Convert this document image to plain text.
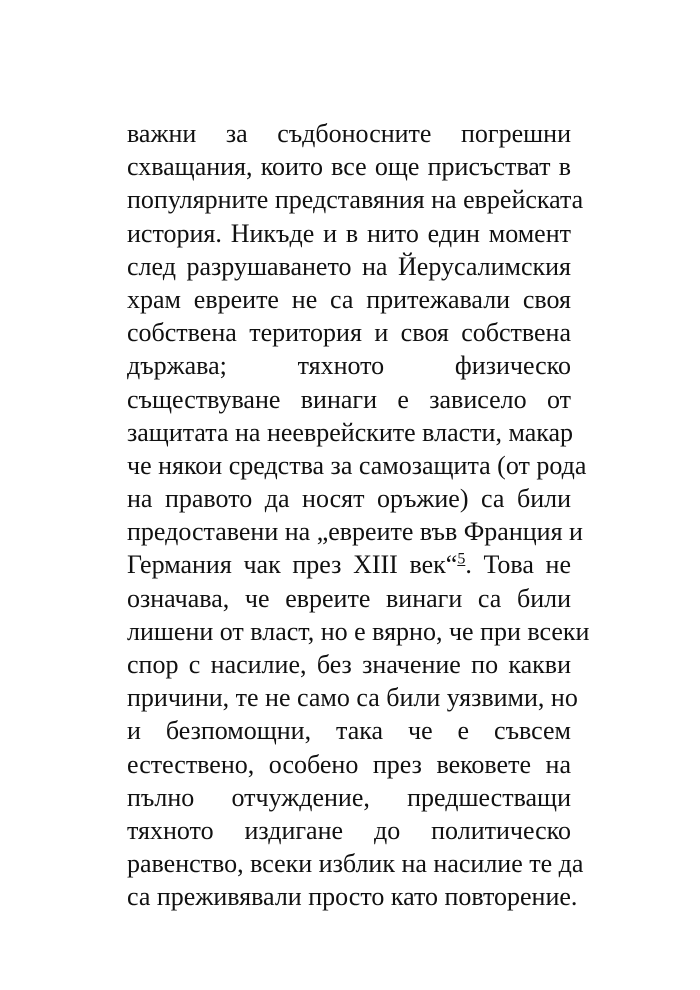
важни за съдбоносните погрешни
схващания, които все още присъстват в
популярните представяния на еврейската
история. Никъде и в нито един момент
след разрушаването на Йерусалимския
храм евреите не са притежавали своя
собствена територия и своя собствена
държава; тяхното физическо
съществуване винаги е зависело от
защитата на нееврейските власти, макар
че някои средства за самозащита (от рода
на правото да носят оръжие) са били
предоставени на „евреите във Франция и
Германия чак през XIII век“$^5$. Това не
означава, че евреите винаги са били
лишени от власт, но е вярно, че при всеки
спор с насилие, без значение по какви
причини, те не само са били уязвими, но
и безпомощни, така че е съвсем
естествено, особено през вековете на
пълно отчуждение, предшестващи
тяхното издигане до политическо
равенство, всеки изблик на насилие те да
са преживявали просто като повторение.
